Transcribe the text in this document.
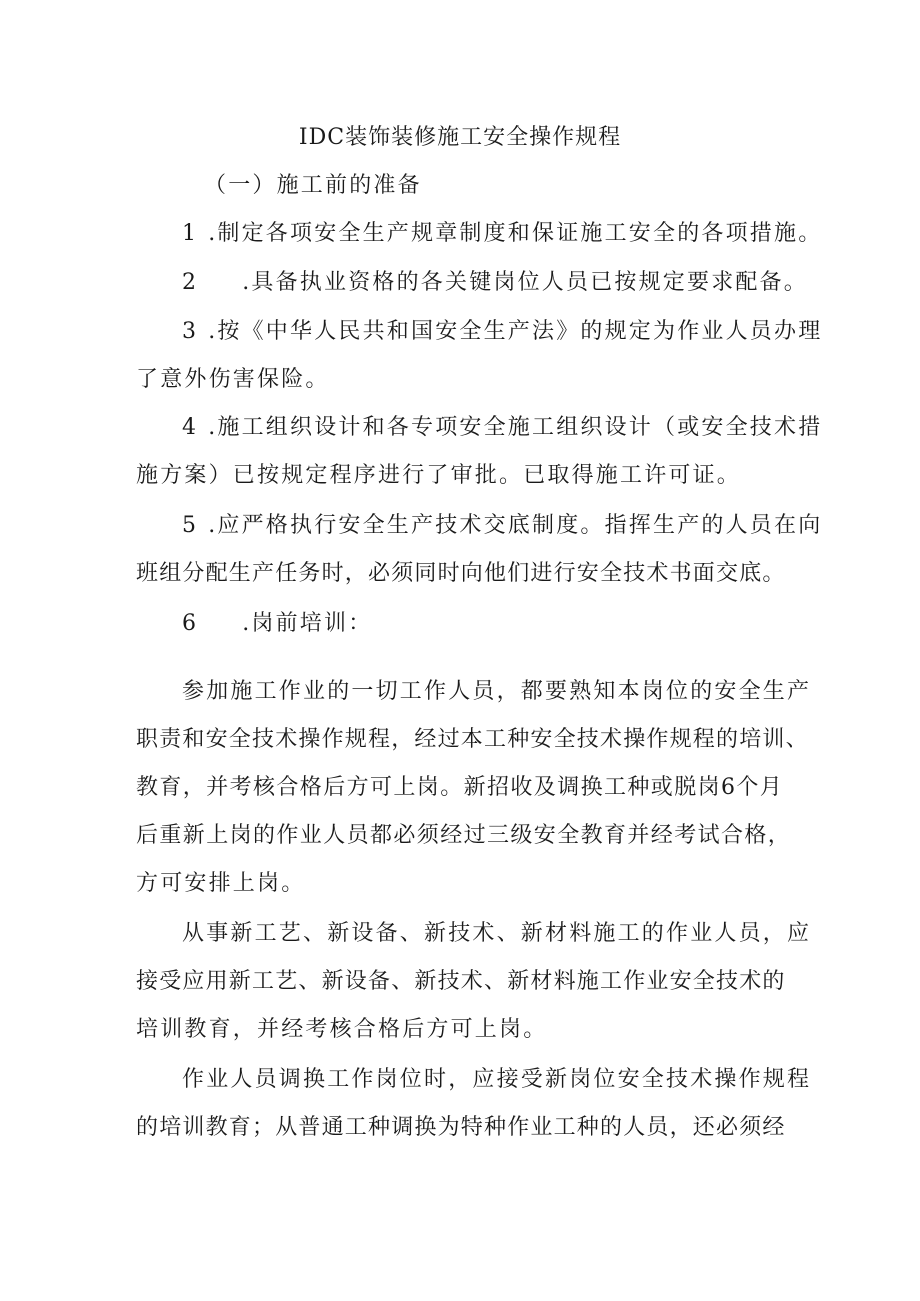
IDC装饰装修施工安全操作规程
（一）施工前的准备
1 .制定各项安全生产规章制度和保证施工安全的各项措施。
2 .具备执业资格的各关键岗位人员已按规定要求配备。
3 .按《中华人民共和国安全生产法》的规定为作业人员办理
了意外伤害保险。
4 .施工组织设计和各专项安全施工组织设计（或安全技术措
施方案）已按规定程序进行了审批。已取得施工许可证。
5 .应严格执行安全生产技术交底制度。指挥生产的人员在向
班组分配生产任务时，必须同时向他们进行安全技术书面交底。
6 .岗前培训：
参加施工作业的一切工作人员，都要熟知本岗位的安全生产
职责和安全技术操作规程，经过本工种安全技术操作规程的培训、
教育，并考核合格后方可上岗。新招收及调换工种或脱岗6个月
后重新上岗的作业人员都必须经过三级安全教育并经考试合格，
方可安排上岗。
从事新工艺、新设备、新技术、新材料施工的作业人员，应
接受应用新工艺、新设备、新技术、新材料施工作业安全技术的
培训教育，并经考核合格后方可上岗。
作业人员调换工作岗位时，应接受新岗位安全技术操作规程
的培训教育；从普通工种调换为特种作业工种的人员，还必须经
